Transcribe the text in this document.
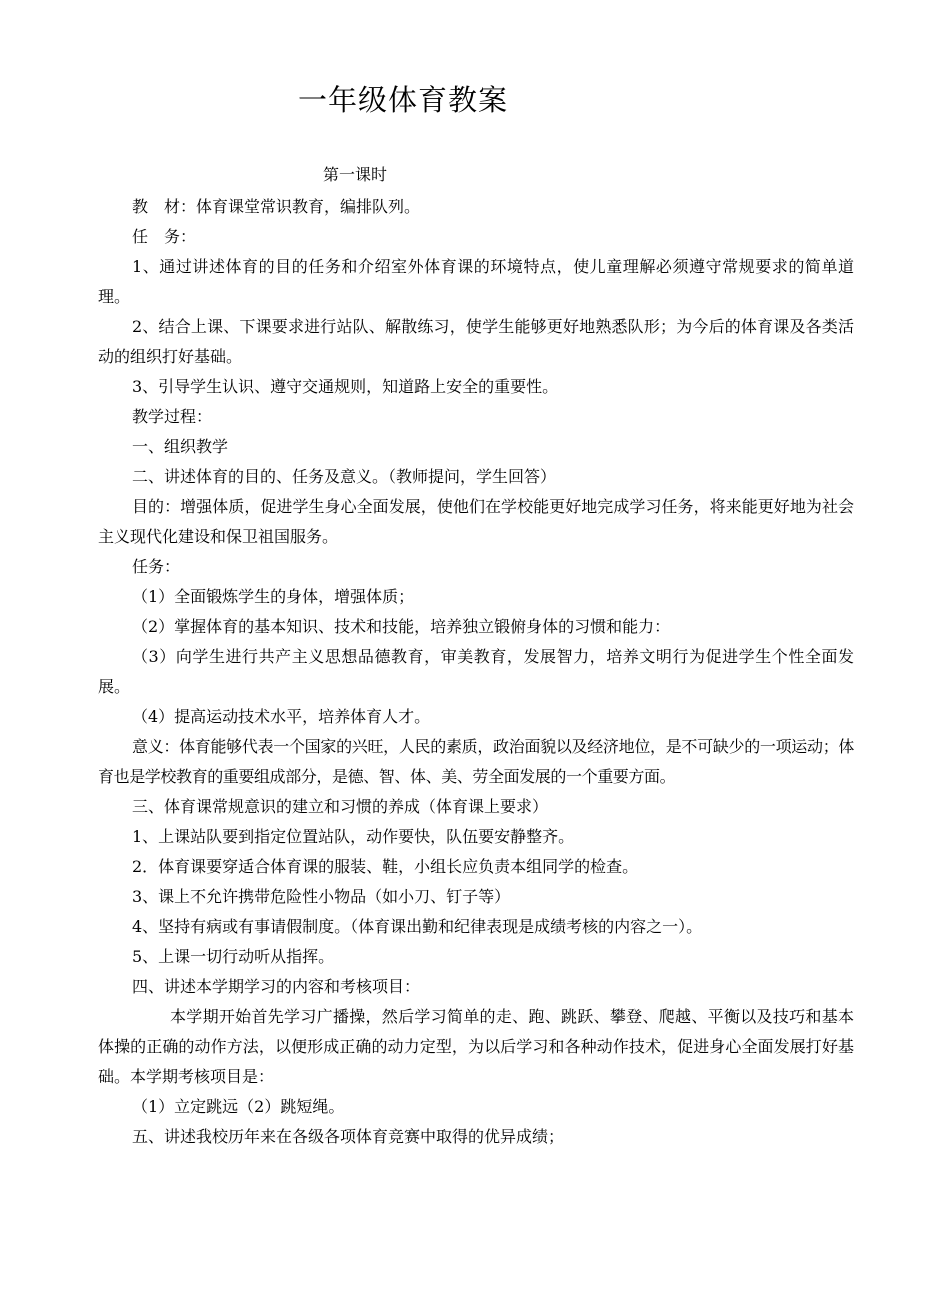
一年级体育教案
第一课时

教　材：体育课堂常识教育，编排队列。

任　务：

1、通过讲述体育的目的任务和介绍室外体育课的环境特点，使儿童理解必须遵守常规要求的简单道理。

2、结合上课、下课要求进行站队、解散练习，使学生能够更好地熟悉队形；为今后的体育课及各类活动的组织打好基础。

3、引导学生认识、遵守交通规则，知道路上安全的重要性。

教学过程：

一、组织教学

二、讲述体育的目的、任务及意义。（教师提问，学生回答）

目的：增强体质，促进学生身心全面发展，使他们在学校能更好地完成学习任务，将来能更好地为社会主义现代化建设和保卫祖国服务。

任务：

（1）全面锻炼学生的身体，增强体质；

（2）掌握体育的基本知识、技术和技能，培养独立锻俯身体的习惯和能力：

（3）向学生进行共产主义思想品德教育，审美教育，发展智力，培养文明行为促进学生个性全面发展。

（4）提高运动技术水平，培养体育人才。

意义：体育能够代表一个国家的兴旺，人民的素质，政治面貌以及经济地位，是不可缺少的一项运动；体育也是学校教育的重要组成部分，是德、智、体、美、劳全面发展的一个重要方面。

三、体育课常规意识的建立和习惯的养成（体育课上要求）

1、上课站队要到指定位置站队，动作要快，队伍要安静整齐。

2．体育课要穿适合体育课的服装、鞋，小组长应负责本组同学的检查。

3、课上不允许携带危险性小物品（如小刀、钉子等）

4、坚持有病或有事请假制度。（体育课出勤和纪律表现是成绩考核的内容之一）。

5、上课一切行动听从指挥。

四、讲述本学期学习的内容和考核项目：

本学期开始首先学习广播操，然后学习简单的走、跑、跳跃、攀登、爬越、平衡以及技巧和基本体操的正确的动作方法，以便形成正确的动力定型，为以后学习和各种动作技术，促进身心全面发展打好基础。本学期考核项目是：

（1）立定跳远（2）跳短绳。

五、讲述我校历年来在各级各项体育竞赛中取得的优异成绩；
